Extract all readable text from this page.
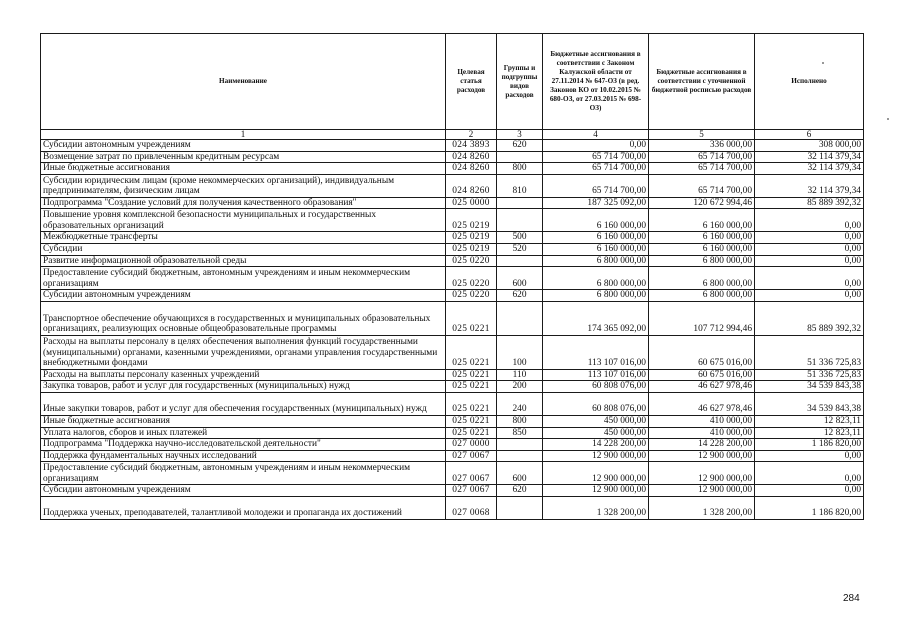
Наименование	Целевая статья расходов	Группы и подгруппы видов расходов	Бюджетные ассигнования в соответствии с Законом Калужской области от 27.11.2014 № 647-ОЗ (в ред. Законов КО от 10.02.2015 № 680-ОЗ, от 27.03.2015 № 698-ОЗ)	Бюджетные ассигнования в соответствии с уточненной бюджетной росписью расходов	Исполнено
1	2	3	4	5	6
Субсидии автономным учреждениям	024 3893	620	0,00	336 000,00	308 000,00
Возмещение затрат по привлеченным кредитным ресурсам	024 8260		65 714 700,00	65 714 700,00	32 114 379,34
Иные бюджетные ассигнования	024 8260	800	65 714 700,00	65 714 700,00	32 114 379,34
Субсидии юридическим лицам (кроме некоммерческих организаций), индивидуальным предпринимателям, физическим лицам	024 8260	810	65 714 700,00	65 714 700,00	32 114 379,34
Подпрограмма "Создание условий для получения качественного образования"	025 0000		187 325 092,00	120 672 994,46	85 889 392,32
Повышение уровня комплексной безопасности муниципальных и государственных образовательных организаций	025 0219		6 160 000,00	6 160 000,00	0,00
Межбюджетные трансферты	025 0219	500	6 160 000,00	6 160 000,00	0,00
Субсидии	025 0219	520	6 160 000,00	6 160 000,00	0,00
Развитие информационной образовательной среды	025 0220		6 800 000,00	6 800 000,00	0,00
Предоставление субсидий бюджетным, автономным учреждениям и иным некоммерческим организациям	025 0220	600	6 800 000,00	6 800 000,00	0,00
Субсидии автономным учреждениям	025 0220	620	6 800 000,00	6 800 000,00	0,00
Транспортное обеспечение обучающихся в государственных и муниципальных образовательных организациях, реализующих основные общеобразовательные программы	025 0221		174 365 092,00	107 712 994,46	85 889 392,32
Расходы на выплаты персоналу в целях обеспечения выполнения функций государственными (муниципальными) органами, казенными учреждениями, органами управления государственными внебюджетными фондами	025 0221	100	113 107 016,00	60 675 016,00	51 336 725,83
Расходы на выплаты персоналу казенных учреждений	025 0221	110	113 107 016,00	60 675 016,00	51 336 725,83
Закупка товаров, работ и услуг для государственных (муниципальных) нужд	025 0221	200	60 808 076,00	46 627 978,46	34 539 843,38
Иные закупки товаров, работ и услуг для обеспечения государственных (муниципальных) нужд	025 0221	240	60 808 076,00	46 627 978,46	34 539 843,38
Иные бюджетные ассигнования	025 0221	800	450 000,00	410 000,00	12 823,11
Уплата налогов, сборов и иных платежей	025 0221	850	450 000,00	410 000,00	12 823,11
Подпрограмма "Поддержка научно-исследовательской деятельности"	027 0000		14 228 200,00	14 228 200,00	1 186 820,00
Поддержка фундаментальных научных исследований	027 0067		12 900 000,00	12 900 000,00	0,00
Предоставление субсидий бюджетным, автономным учреждениям и иным некоммерческим организациям	027 0067	600	12 900 000,00	12 900 000,00	0,00
Субсидии автономным учреждениям	027 0067	620	12 900 000,00	12 900 000,00	0,00
Поддержка ученых, преподавателей, талантливой молодежи и пропаганда их достижений	027 0068		1 328 200,00	1 328 200,00	1 186 820,00
284
